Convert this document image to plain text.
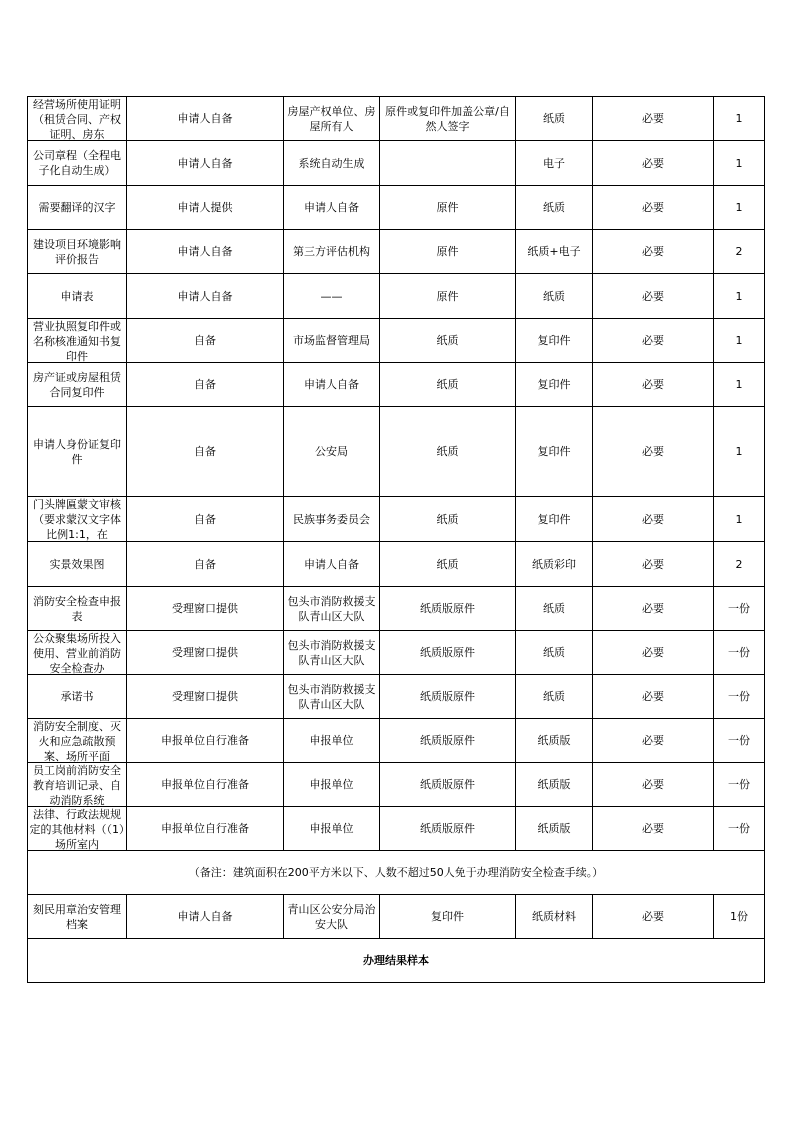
经营场所使用证明（租赁合同、产权证明、房东	申请人自备	房屋产权单位、房屋所有人	原件或复印件加盖公章/自然人签字	纸质	必要	1

公司章程（全程电子化自动生成）	申请人自备	系统自动生成		电子	必要	1
需要翻译的汉字	申请人提供	申请人自备	原件	纸质	必要	1
建设项目环境影响评价报告	申请人自备	第三方评估机构	原件	纸质+电子	必要	2
申请表	申请人自备	——	原件	纸质	必要	1

营业执照复印件或名称核准通知书复印件	自备	市场监督管理局	纸质	复印件	必要	1
房产证或房屋租赁合同复印件	自备	申请人自备	纸质	复印件	必要	1
申请人身份证复印件	自备	公安局	纸质	复印件	必要	1

门头牌匾蒙文审核（要求蒙汉文字体比例1:1，在	自备	民族事务委员会	纸质	复印件	必要	1
实景效果图	自备	申请人自备	纸质	纸质彩印	必要	2
消防安全检查申报表	受理窗口提供	包头市消防救援支队青山区大队	纸质版原件	纸质	必要	一份

公众聚集场所投入使用、营业前消防安全检查办	受理窗口提供	包头市消防救援支队青山区大队	纸质版原件	纸质	必要	一份
承诺书	受理窗口提供	包头市消防救援支队青山区大队	纸质版原件	纸质	必要	一份

消防安全制度、灭火和应急疏散预案、场所平面	申报单位自行准备	申报单位	纸质版原件	纸质版	必要	一份

员工岗前消防安全教育培训记录、自动消防系统	申报单位自行准备	申报单位	纸质版原件	纸质版	必要	一份

法律、行政法规规定的其他材料（（1）场所室内	申报单位自行准备	申报单位	纸质版原件	纸质版	必要	一份
（备注：建筑面积在200平方米以下、人数不超过50人免于办理消防安全检查手续。）						
刻民用章治安管理档案	申请人自备	青山区公安分局治安大队	复印件	纸质材料	必要	1份
办理结果样本						
